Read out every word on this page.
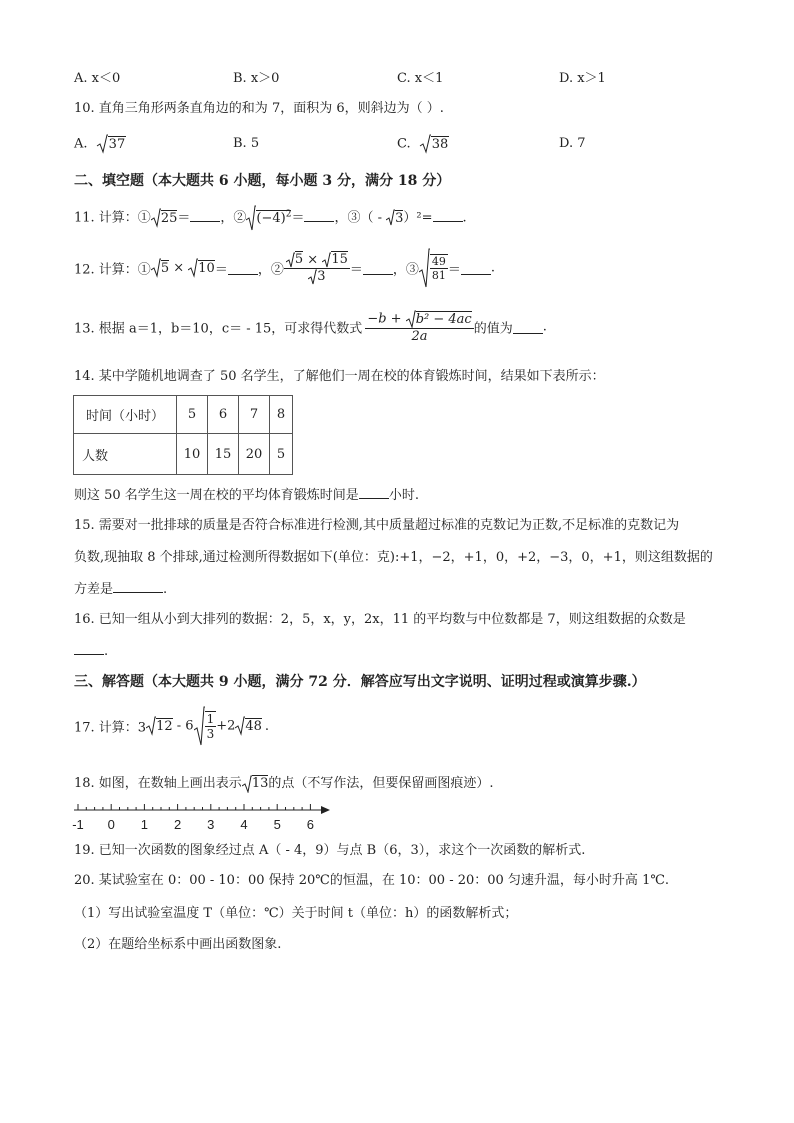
A. x＜0	B. x＞0	C. x＜1	D. x＞1
10. 直角三角形两条直角边的和为 7，面积为 6，则斜边为（ ）.
A. 37	B. 5	C. 38	D. 7
二、填空题（本大题共 6 小题，每小题 3 分，满分 18 分）
11. 计算：① 25＝ ，② $(-4)^2=$ ，③（ - 3）²= .
12. 计算：① 5 × 10＝ ，② $\frac{5 \times 15}{3}$ ＝ ，③ $\frac{49}{81}$ ＝ .
13. 根据 a＝1，b＝10，c＝ - 15，可求得代数式 $\frac{\text{−b + b² − 4ac}}{2a}$ 的值为 .
14. 某中学随机地调查了 50 名学生，了解他们一周在校的体育锻炼时间，结果如下表所示：
时间（小时）	5	6	7	8
人数	10	15	20	5
则这 50 名学生这一周在校的平均体育锻炼时间是 小时.
15. 需要对一批排球的质量是否符合标准进行检测,其中质量超过标准的克数记为正数,不足标准的克数记为
负数,现抽取 8 个排球,通过检测所得数据如下(单位：克):+1，−2，+1，0，+2，−3，0，+1，则这组数据的
方差是	.
16. 已知一组从小到大排列的数据：2，5，x，y，2x，11 的平均数与中位数都是 7，则这组数据的众数是
.
三、解答题（本大题共 9 小题，满分 72 分．解答应写出文字说明、证明过程或演算步骤.）
17. 计算：3 $12 - 6 \frac{1}{3} +2$ 48 .
18. 如图，在数轴上画出表示 13的点（不写作法，但要保留画图痕迹）.
-1 0 1 2 3 4 5 6
19. 已知一次函数的图象经过点 A（ - 4，9）与点 B（6，3），求这个一次函数的解析式.
20. 某试验室在 0：00 - 10：00 保持 20℃的恒温，在 10：00 - 20：00 匀速升温，每小时升高 1℃.
（1）写出试验室温度 T（单位：℃）关于时间 t（单位：h）的函数解析式；
（2）在题给坐标系中画出函数图象.
